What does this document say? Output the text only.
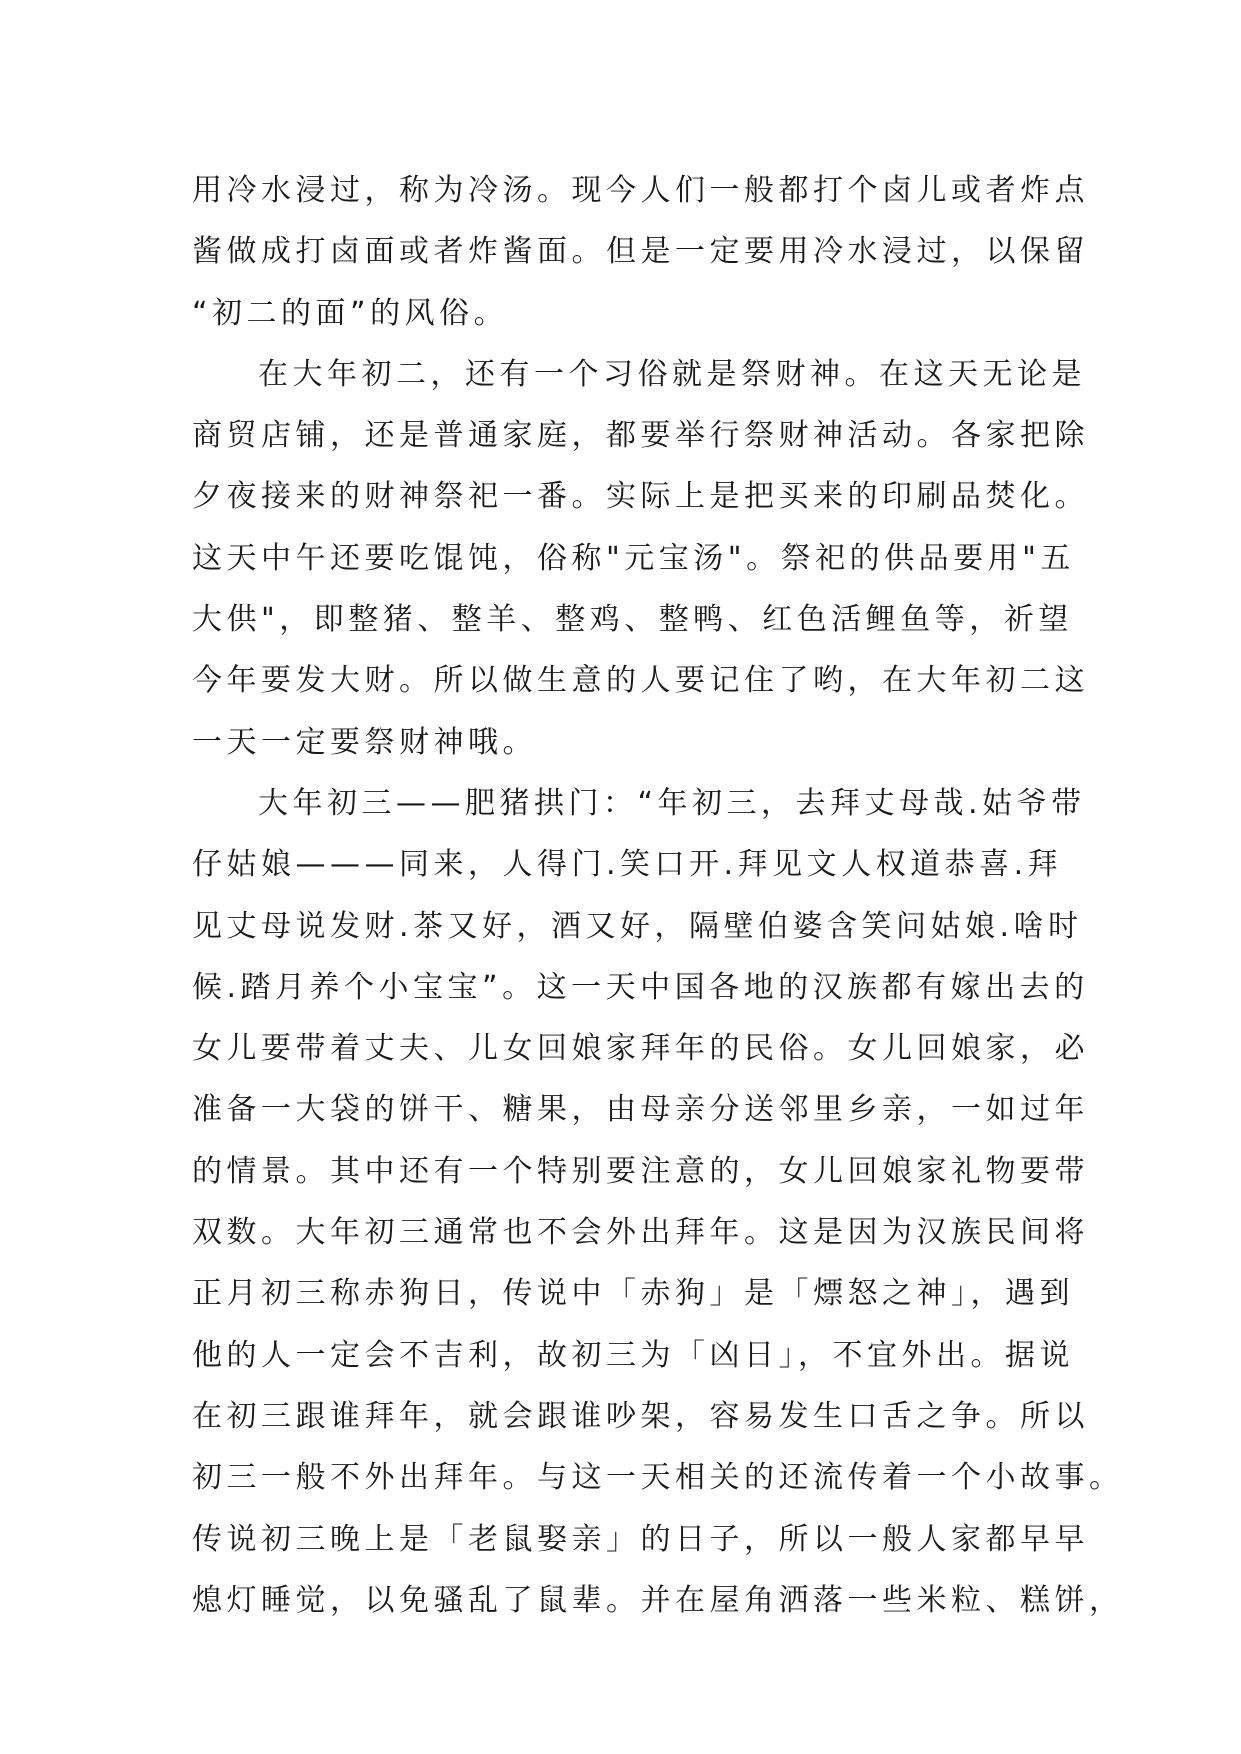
用冷水浸过，称为冷汤。现今人们一般都打个卤儿或者炸点
酱做成打卤面或者炸酱面。但是一定要用冷水浸过，以保留
“初二的面”的风俗。
在大年初二，还有一个习俗就是祭财神。在这天无论是
商贸店铺，还是普通家庭，都要举行祭财神活动。各家把除
夕夜接来的财神祭祀一番。实际上是把买来的印刷品焚化。
这天中午还要吃馄饨，俗称"元宝汤"。祭祀的供品要用"五
大供"，即整猪、整羊、整鸡、整鸭、红色活鲤鱼等，祈望
今年要发大财。所以做生意的人要记住了哟，在大年初二这
一天一定要祭财神哦。
大年初三——肥猪拱门：“年初三，去拜丈母哉.姑爷带
仔姑娘———同来，人得门.笑口开.拜见文人权道恭喜.拜
见丈母说发财.茶又好，酒又好，隔壁伯婆含笑问姑娘.啥时
候.踏月养个小宝宝”。这一天中国各地的汉族都有嫁出去的
女儿要带着丈夫、儿女回娘家拜年的民俗。女儿回娘家，必
准备一大袋的饼干、糖果，由母亲分送邻里乡亲，一如过年
的情景。其中还有一个特别要注意的，女儿回娘家礼物要带
双数。大年初三通常也不会外出拜年。这是因为汉族民间将
正月初三称赤狗日，传说中「赤狗」是「熛怒之神」，遇到
他的人一定会不吉利，故初三为「凶日」，不宜外出。据说
在初三跟谁拜年，就会跟谁吵架，容易发生口舌之争。所以
初三一般不外出拜年。与这一天相关的还流传着一个小故事。
传说初三晚上是「老鼠娶亲」的日子，所以一般人家都早早
熄灯睡觉，以免骚乱了鼠辈。并在屋角洒落一些米粒、糕饼，
